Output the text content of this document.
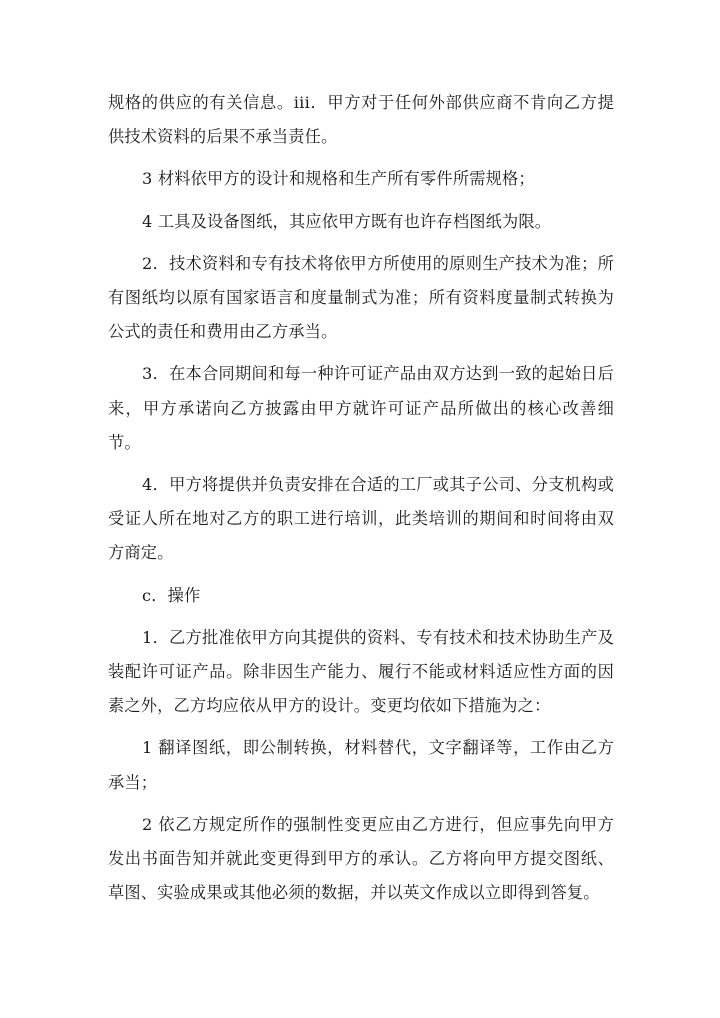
规格的供应的有关信息。iii．甲方对于任何外部供应商不肯向乙方提供技术资料的后果不承当责任。

3 材料依甲方的设计和规格和生产所有零件所需规格；

4 工具及设备图纸，其应依甲方既有也许存档图纸为限。

2．技术资料和专有技术将依甲方所使用的原则生产技术为准；所有图纸均以原有国家语言和度量制式为准；所有资料度量制式转换为公式的责任和费用由乙方承当。

3．在本合同期间和每一种许可证产品由双方达到一致的起始日后来，甲方承诺向乙方披露由甲方就许可证产品所做出的核心改善细节。

4．甲方将提供并负责安排在合适的工厂或其子公司、分支机构或受证人所在地对乙方的职工进行培训，此类培训的期间和时间将由双方商定。

c．操作

1．乙方批准依甲方向其提供的资料、专有技术和技术协助生产及装配许可证产品。除非因生产能力、履行不能或材料适应性方面的因素之外，乙方均应依从甲方的设计。变更均依如下措施为之：

1 翻译图纸，即公制转换，材料替代，文字翻译等，工作由乙方承当；

2 依乙方规定所作的强制性变更应由乙方进行，但应事先向甲方发出书面告知并就此变更得到甲方的承认。乙方将向甲方提交图纸、草图、实验成果或其他必须的数据，并以英文作成以立即得到答复。
